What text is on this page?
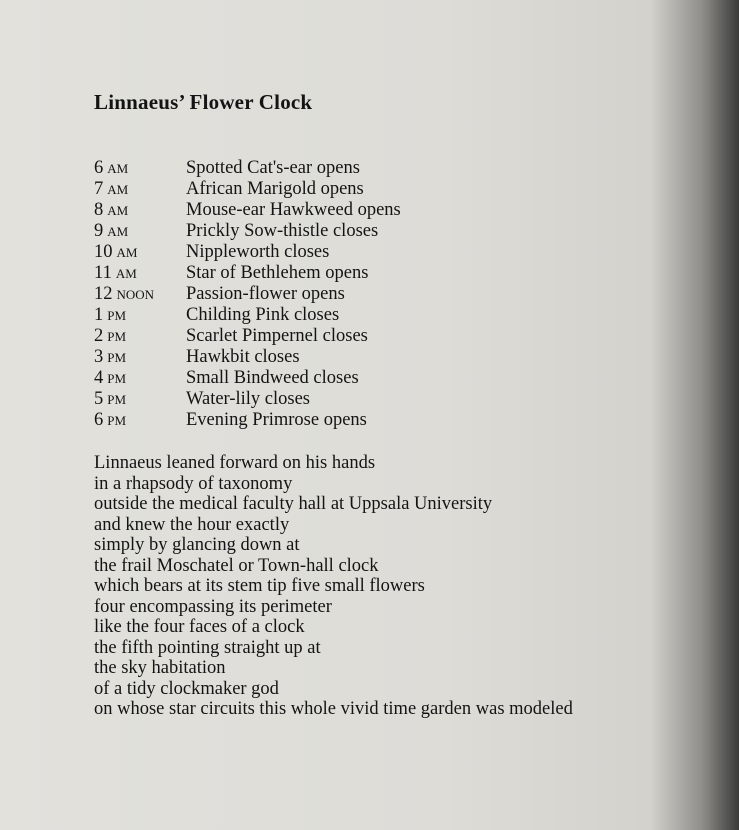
Linnaeus’ Flower Clock
6 am	Spotted Cat's-ear opens
7 am	African Marigold opens
8 am	Mouse-ear Hawkweed opens
9 am	Prickly Sow-thistle closes
10 am	Nippleworth closes
11 am	Star of Bethlehem opens
12 noon	Passion-flower opens
1 pm	Childing Pink closes
2 pm	Scarlet Pimpernel closes
3 pm	Hawkbit closes
4 pm	Small Bindweed closes
5 pm	Water-lily closes
6 pm	Evening Primrose opens
Linnaeus leaned forward on his hands
in a rhapsody of taxonomy
outside the medical faculty hall at Uppsala University
and knew the hour exactly
simply by glancing down at
the frail Moschatel or Town-hall clock
which bears at its stem tip five small flowers
four encompassing its perimeter
like the four faces of a clock
the fifth pointing straight up at
the sky habitation
of a tidy clockmaker god
on whose star circuits this whole vivid time garden was modeled
